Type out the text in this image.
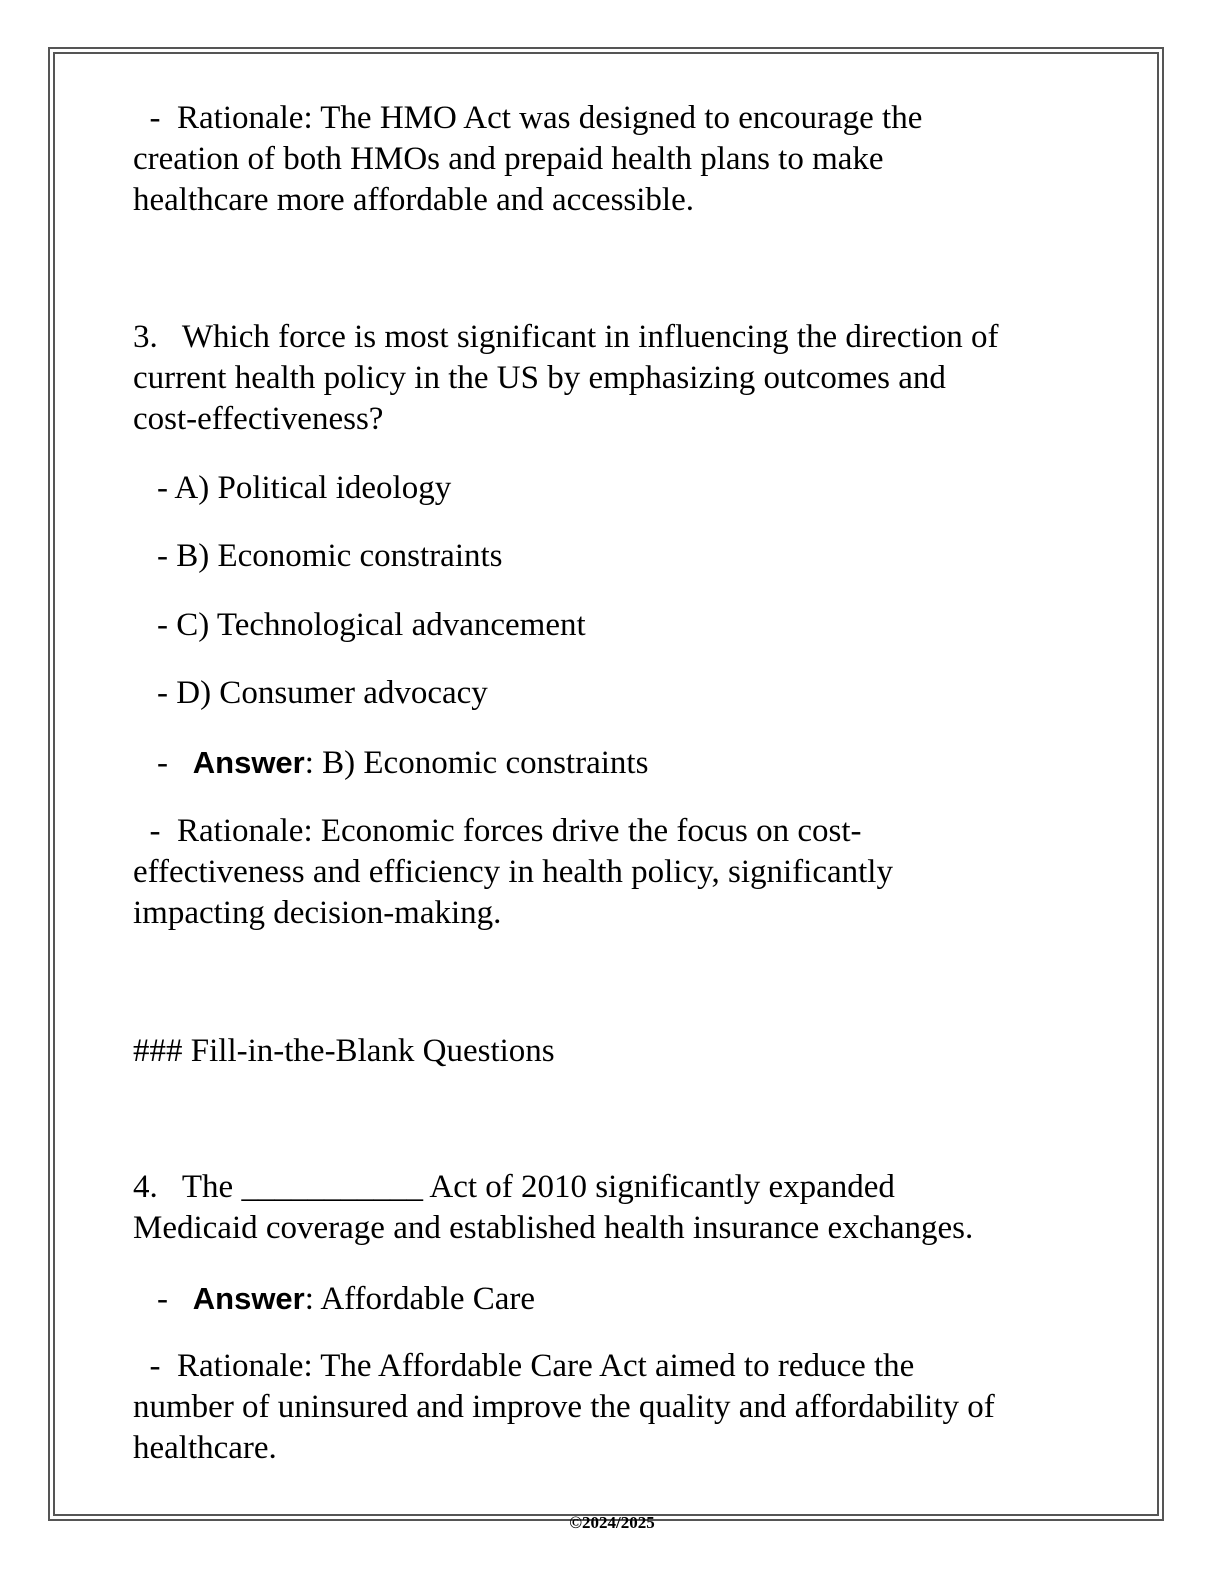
-  Rationale: The HMO Act was designed to encourage the
creation of both HMOs and prepaid health plans to make
healthcare more affordable and accessible.
3.   Which force is most significant in influencing the direction of
current health policy in the US by emphasizing outcomes and
cost-effectiveness?
- A) Political ideology
- B) Economic constraints
- C) Technological advancement
- D) Consumer advocacy
-   Answer: B) Economic constraints
-  Rationale: Economic forces drive the focus on cost-
effectiveness and efficiency in health policy, significantly
impacting decision-making.
### Fill-in-the-Blank Questions
4.   The ___________ Act of 2010 significantly expanded
Medicaid coverage and established health insurance exchanges.
-   Answer: Affordable Care
-  Rationale: The Affordable Care Act aimed to reduce the
number of uninsured and improve the quality and affordability of
healthcare.
©2024/2025
